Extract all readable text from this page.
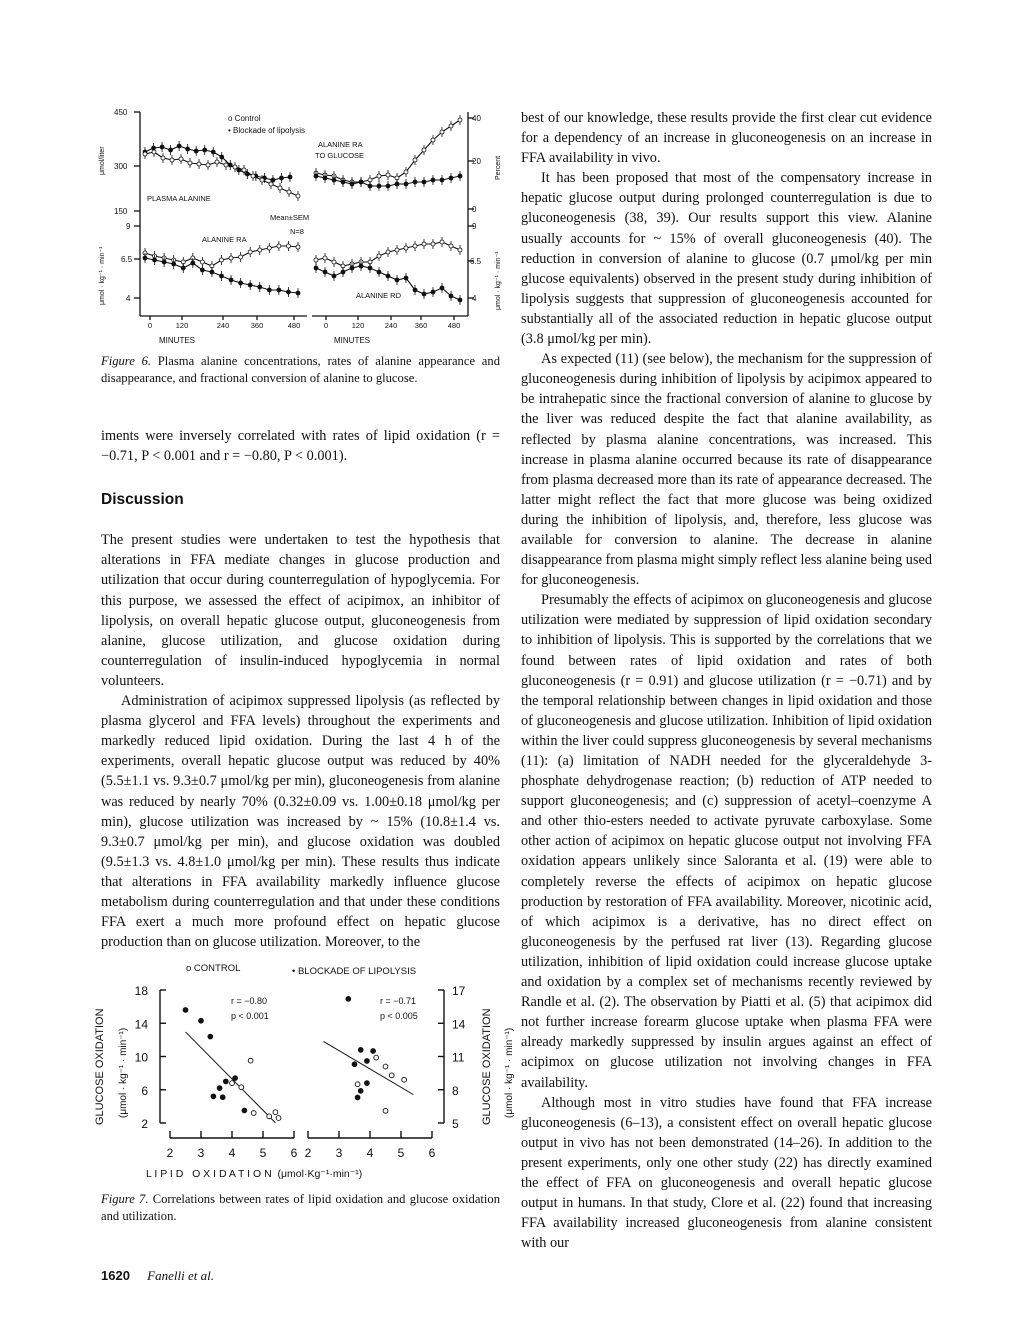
450
300
150
9
6.5
4
40
20
0
9
6.5
4
μmol/liter
μmol · kg⁻¹ · min⁻¹
Percent
μmol · kg⁻¹ · min⁻¹
0	0
120	120
240	240
360	360
480	480
MINUTES	MINUTES
o Control
• Blockade of lipolysis
ALANINE RA
TO GLUCOSE
PLASMA ALANINE
Mean±SEM
N=8
ALANINE RA
ALANINE RD
Figure 6. Plasma alanine concentrations, rates of alanine appearance and disappearance, and fractional conversion of alanine to glucose.

iments were inversely correlated with rates of lipid oxidation (r = −0.71, P < 0.001 and r = −0.80, P < 0.001).

Discussion

The present studies were undertaken to test the hypothesis that alterations in FFA mediate changes in glucose production and utilization that occur during counterregulation of hypoglycemia. For this purpose, we assessed the effect of acipimox, an inhibitor of lipolysis, on overall hepatic glucose output, gluconeogenesis from alanine, glucose utilization, and glucose oxidation during counterregulation of insulin-induced hypoglycemia in normal volunteers.

Administration of acipimox suppressed lipolysis (as reflected by plasma glycerol and FFA levels) throughout the experiments and markedly reduced lipid oxidation. During the last 4 h of the experiments, overall hepatic glucose output was reduced by 40% (5.5±1.1 vs. 9.3±0.7 μmol/kg per min), gluconeogenesis from alanine was reduced by nearly 70% (0.32±0.09 vs. 1.00±0.18 μmol/kg per min), glucose utilization was increased by ~ 15% (10.8±1.4 vs. 9.3±0.7 μmol/kg per min), and glucose oxidation was doubled (9.5±1.3 vs. 4.8±1.0 μmol/kg per min). These results thus indicate that alterations in FFA availability markedly influence glucose metabolism during counterregulation and that under these conditions FFA exert a much more profound effect on hepatic glucose production than on glucose utilization. Moreover, to the

o CONTROL	• BLOCKADE OF LIPOLYSIS
GLUCOSE OXIDATION (μmol · kg⁻¹ · min⁻¹)	GLUCOSE OXIDATION (μmol · kg⁻¹ · min⁻¹)
r = −0.80
p < 0.001
r = −0.71
p < 0.005
L I P I D   O X I D A T I O N  (μmol·Kg⁻¹·min⁻¹)
18
14
10
6
2
2 3 4 5 6
17
14
11
8
5
2 3 4 5 6
Figure 7. Correlations between rates of lipid oxidation and glucose oxidation and utilization.

best of our knowledge, these results provide the first clear cut evidence for a dependency of an increase in gluconeogenesis on an increase in FFA availability in vivo.

It has been proposed that most of the compensatory increase in hepatic glucose output during prolonged counterregulation is due to gluconeogenesis (38, 39). Our results support this view. Alanine usually accounts for ~ 15% of overall gluconeogenesis (40). The reduction in conversion of alanine to glucose (0.7 μmol/kg per min glucose equivalents) observed in the present study during inhibition of lipolysis suggests that suppression of gluconeogenesis accounted for substantially all of the associated reduction in hepatic glucose output (3.8 μmol/kg per min).

As expected (11) (see below), the mechanism for the suppression of gluconeogenesis during inhibition of lipolysis by acipimox appeared to be intrahepatic since the fractional conversion of alanine to glucose by the liver was reduced despite the fact that alanine availability, as reflected by plasma alanine concentrations, was increased. This increase in plasma alanine occurred because its rate of disappearance from plasma decreased more than its rate of appearance decreased. The latter might reflect the fact that more glucose was being oxidized during the inhibition of lipolysis, and, therefore, less glucose was available for conversion to alanine. The decrease in alanine disappearance from plasma might simply reflect less alanine being used for gluconeogenesis.

Presumably the effects of acipimox on gluconeogenesis and glucose utilization were mediated by suppression of lipid oxidation secondary to inhibition of lipolysis. This is supported by the correlations that we found between rates of lipid oxidation and rates of both gluconeogenesis (r = 0.91) and glucose utilization (r = −0.71) and by the temporal relationship between changes in lipid oxidation and those of gluconeogenesis and glucose utilization. Inhibition of lipid oxidation within the liver could suppress gluconeogenesis by several mechanisms (11): (a) limitation of NADH needed for the glyceraldehyde 3-phosphate dehydrogenase reaction; (b) reduction of ATP needed to support gluconeogenesis; and (c) suppression of acetyl–coenzyme A and other thio-esters needed to activate pyruvate carboxylase. Some other action of acipimox on hepatic glucose output not involving FFA oxidation appears unlikely since Saloranta et al. (19) were able to completely reverse the effects of acipimox on hepatic glucose production by restoration of FFA availability. Moreover, nicotinic acid, of which acipimox is a derivative, has no direct effect on gluconeogenesis by the perfused rat liver (13). Regarding glucose utilization, inhibition of lipid oxidation could increase glucose uptake and oxidation by a complex set of mechanisms recently reviewed by Randle et al. (2). The observation by Piatti et al. (5) that acipimox did not further increase forearm glucose uptake when plasma FFA were already markedly suppressed by insulin argues against an effect of acipimox on glucose utilization not involving changes in FFA availability.

Although most in vitro studies have found that FFA increase gluconeogenesis (6–13), a consistent effect on overall hepatic glucose output in vivo has not been demonstrated (14–26). In addition to the present experiments, only one other study (22) has directly examined the effect of FFA on gluconeogenesis and overall hepatic glucose output in humans. In that study, Clore et al. (22) found that increasing FFA availability increased gluconeogenesis from alanine consistent with our

1620 Fanelli et al.
